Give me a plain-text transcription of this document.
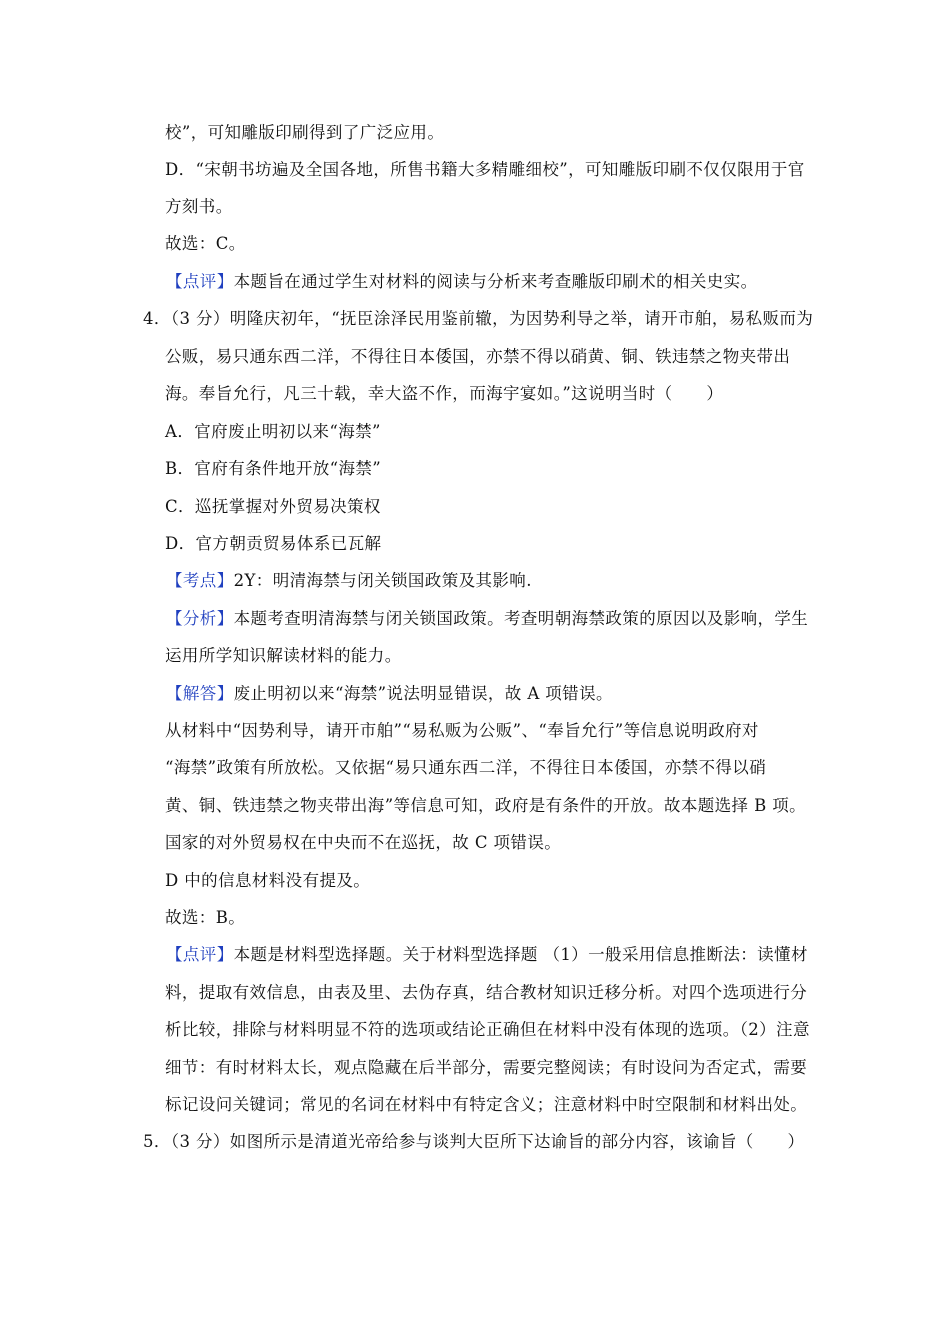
校”，可知雕版印刷得到了广泛应用。
D．“宋朝书坊遍及全国各地，所售书籍大多精雕细校”，可知雕版印刷不仅仅限用于官
方刻书。
故选：C。
【点评】本题旨在通过学生对材料的阅读与分析来考查雕版印刷术的相关史实。
4．（3 分）明隆庆初年，“抚臣涂泽民用鉴前辙，为因势利导之举，请开市舶，易私贩而为
公贩，易只通东西二洋，不得往日本倭国，亦禁不得以硝黄、铜、铁违禁之物夹带出
海。奉旨允行，凡三十载，幸大盗不作，而海宇宴如。”这说明当时（　　）
A．官府废止明初以来“海禁”
B．官府有条件地开放“海禁”
C．巡抚掌握对外贸易决策权
D．官方朝贡贸易体系已瓦解
【考点】2Y：明清海禁与闭关锁国政策及其影响.
【分析】本题考查明清海禁与闭关锁国政策。考查明朝海禁政策的原因以及影响，学生
运用所学知识解读材料的能力。
【解答】废止明初以来“海禁”说法明显错误，故 A 项错误。
从材料中“因势利导，请开市舶”“易私贩为公贩”、“奉旨允行”等信息说明政府对
“海禁”政策有所放松。又依据“易只通东西二洋，不得往日本倭国，亦禁不得以硝
黄、铜、铁违禁之物夹带出海”等信息可知，政府是有条件的开放。故本题选择 B 项。
国家的对外贸易权在中央而不在巡抚，故 C 项错误。
D 中的信息材料没有提及。
故选：B。
【点评】本题是材料型选择题。关于材料型选择题 （1）一般采用信息推断法：读懂材
料，提取有效信息，由表及里、去伪存真，结合教材知识迁移分析。对四个选项进行分
析比较，排除与材料明显不符的选项或结论正确但在材料中没有体现的选项。（2）注意
细节：有时材料太长，观点隐藏在后半部分，需要完整阅读；有时设问为否定式，需要
标记设问关键词；常见的名词在材料中有特定含义；注意材料中时空限制和材料出处。
5．（3 分）如图所示是清道光帝给参与谈判大臣所下达谕旨的部分内容，该谕旨（　　）
